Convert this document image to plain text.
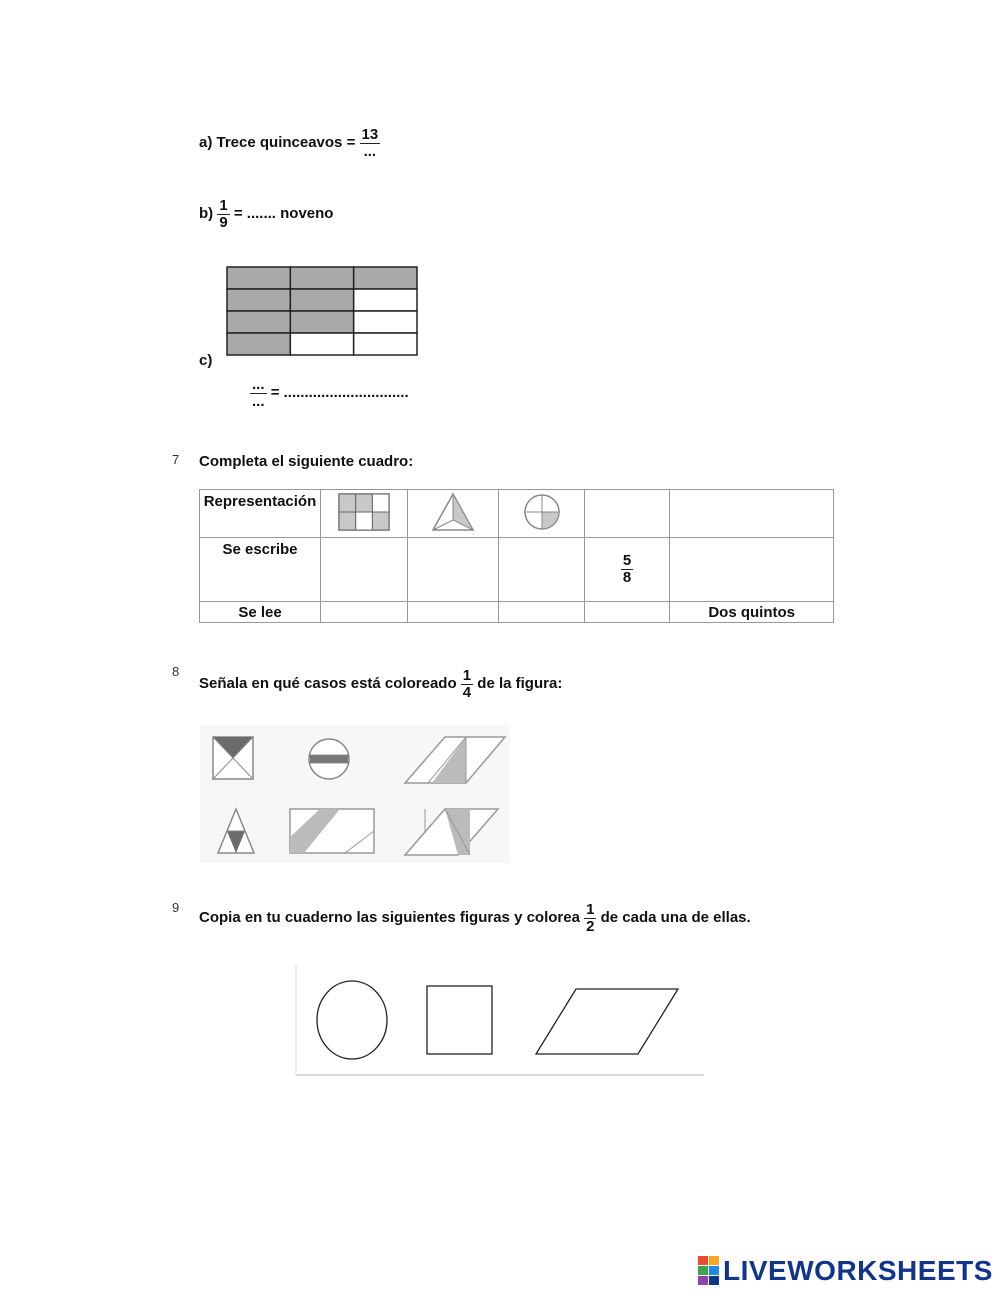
a) Trece quinceavos = $\frac{13}{...}$
$b) \frac{1}{9}$ = ....... noveno
c)
$\frac{...}{...}$ = ..............................
7 Completa el siguiente cuadro:
Representación					
Se escribe				$\frac{5}{8}$

Se lee					Dos quintos
8
Señala en qué casos está coloreado $\frac{1}{4}$ de la figura:
9
Copia en tu cuaderno las siguientes figuras y colorea $\frac{1}{2}$ de cada una de ellas.
LIVEWORKSHEETS
